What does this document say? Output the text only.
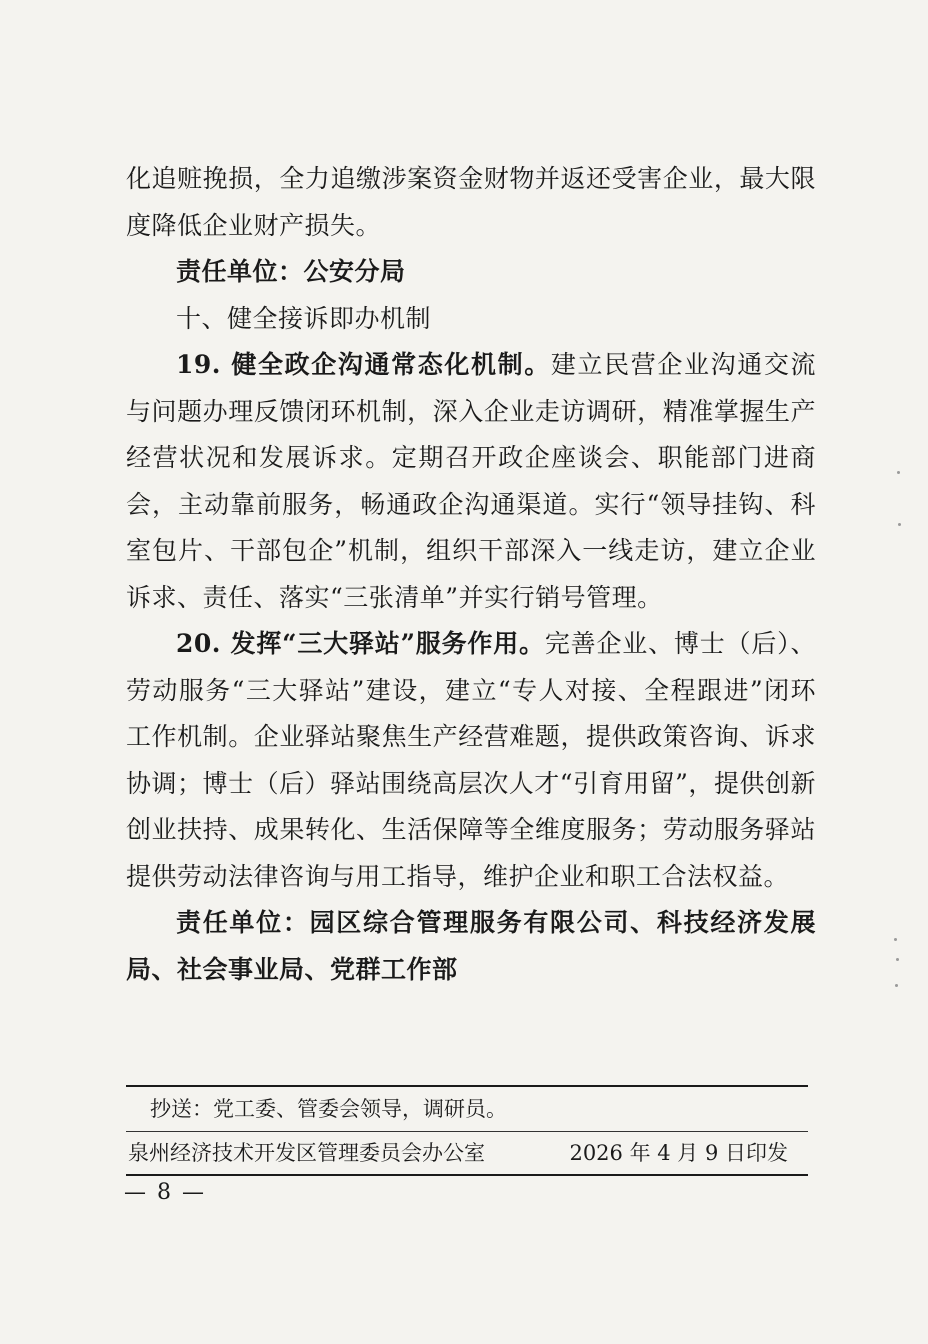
化追赃挽损，全力追缴涉案资金财物并返还受害企业，最大限度降低企业财产损失。

责任单位：公安分局

十、健全接诉即办机制

19. 健全政企沟通常态化机制。建立民营企业沟通交流与问题办理反馈闭环机制，深入企业走访调研，精准掌握生产经营状况和发展诉求。定期召开政企座谈会、职能部门进商会，主动靠前服务，畅通政企沟通渠道。实行“领导挂钩、科室包片、干部包企”机制，组织干部深入一线走访，建立企业诉求、责任、落实“三张清单”并实行销号管理。

20. 发挥“三大驿站”服务作用。完善企业、博士（后）、劳动服务“三大驿站”建设，建立“专人对接、全程跟进”闭环工作机制。企业驿站聚焦生产经营难题，提供政策咨询、诉求协调；博士（后）驿站围绕高层次人才“引育用留”，提供创新创业扶持、成果转化、生活保障等全维度服务；劳动服务驿站提供劳动法律咨询与用工指导，维护企业和职工合法权益。

责任单位：园区综合管理服务有限公司、科技经济发展局、社会事业局、党群工作部

抄送：党工委、管委会领导，调研员。
泉州经济技术开发区管理委员会办公室	2026 年 4 月 9 日印发
— 8 —
